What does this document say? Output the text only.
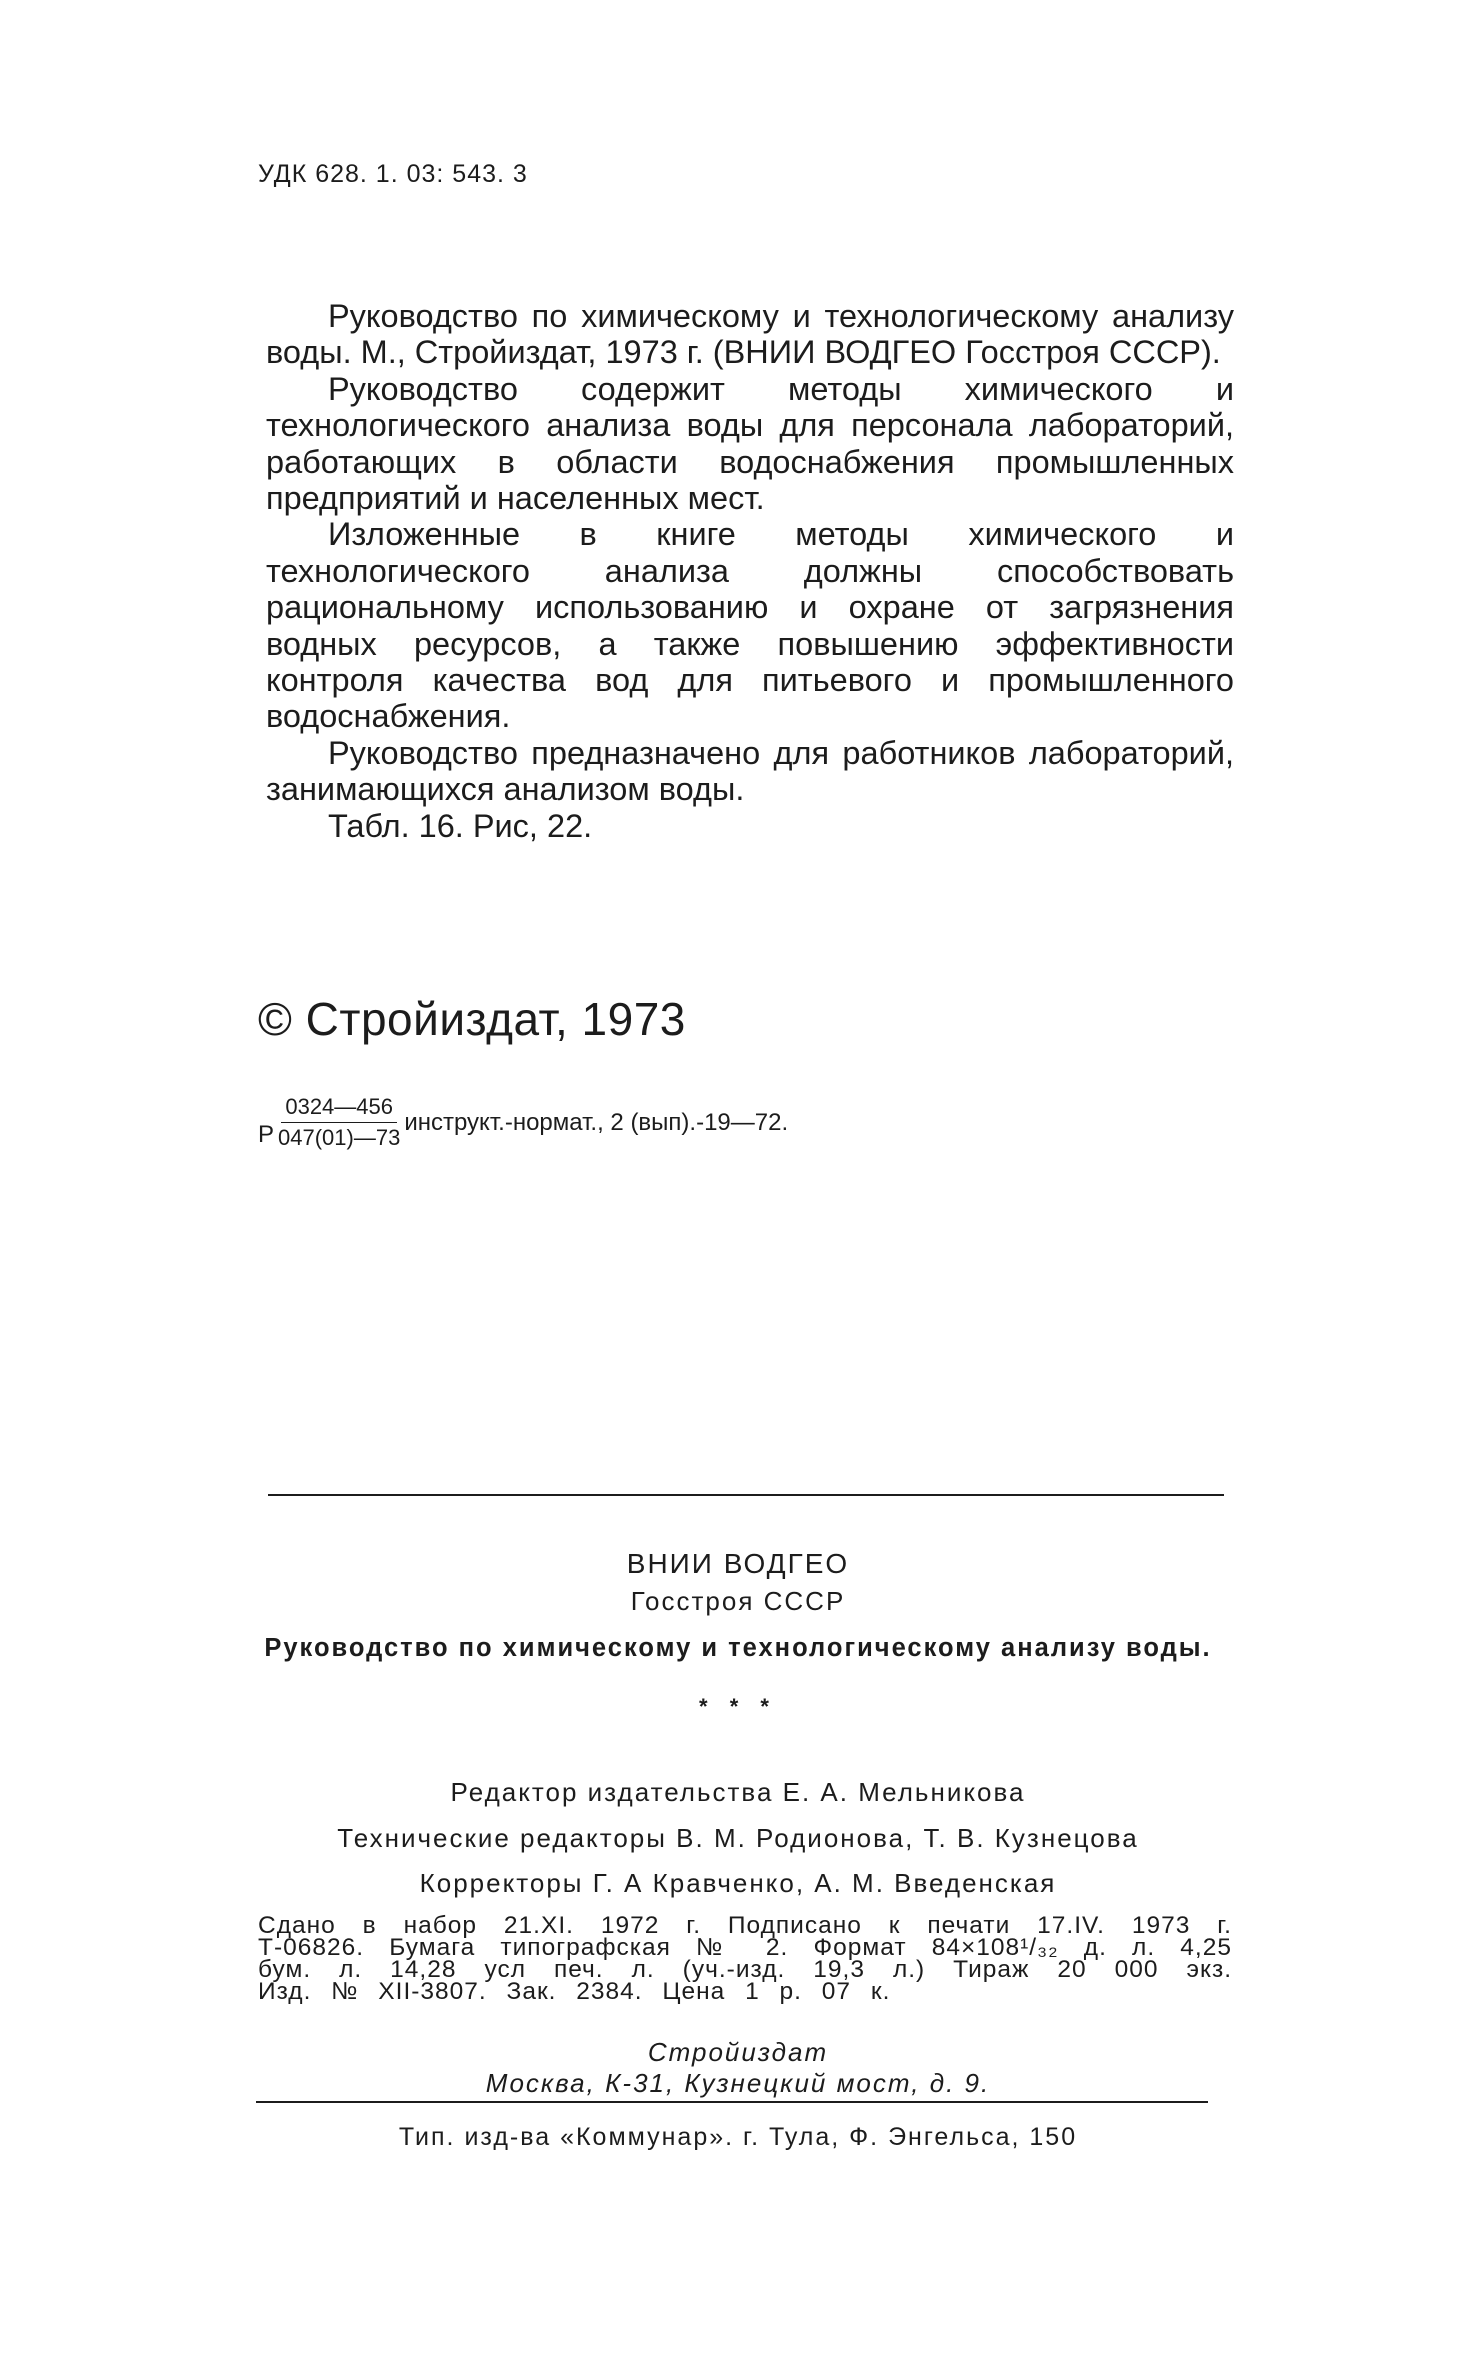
УДК 628. 1. 03: 543. 3

Руководство по химическому и технологическому анализу воды. М., Стройиздат, 1973 г. (ВНИИ ВОДГЕО Госстроя СССР).

Руководство содержит методы химического и технологического анализа воды для персонала лабораторий, работающих в области водоснабжения промышленных предприятий и населенных мест.

Изложенные в книге методы химического и технологического анализа должны способствовать рациональному использованию и охране от загрязнения водных ресурсов, а также повышению эффективности контроля качества вод для питьевого и промышленного водоснабжения.

Руководство предназначено для работников лабораторий, занимающихся анализом воды.

Табл. 16. Рис, 22.

© Стройиздат, 1973
Р $\frac{0324—456}{047(01)—73}$ инструкт.-нормат., 2 (вып).-19—72.
ВНИИ ВОДГЕО
Госстроя СССР
Руководство по химическому и технологическому анализу воды.
* * *
Редактор издательства Е. А. Мельникова
Технические редакторы В. М. Родионова, Т. В. Кузнецова
Корректоры Г. А Кравченко, А. М. Введенская

Сдано в набор 21.XI. 1972 г. Подписано к печати 17.IV. 1973 г.

Т-06826. Бумага типографская № 2. Формат 84×108¹/₃₂ д. л. 4,25

бум. л. 14,28 усл печ. л. (уч.-изд. 19,3 л.) Тираж 20 000 экз.

Изд. № XII-3807. Зак. 2384. Цена 1 р. 07 к.

Стройиздат
Москва, К-31, Кузнецкий мост, д. 9.
Тип. изд-ва «Коммунар». г. Тула, Ф. Энгельса, 150
